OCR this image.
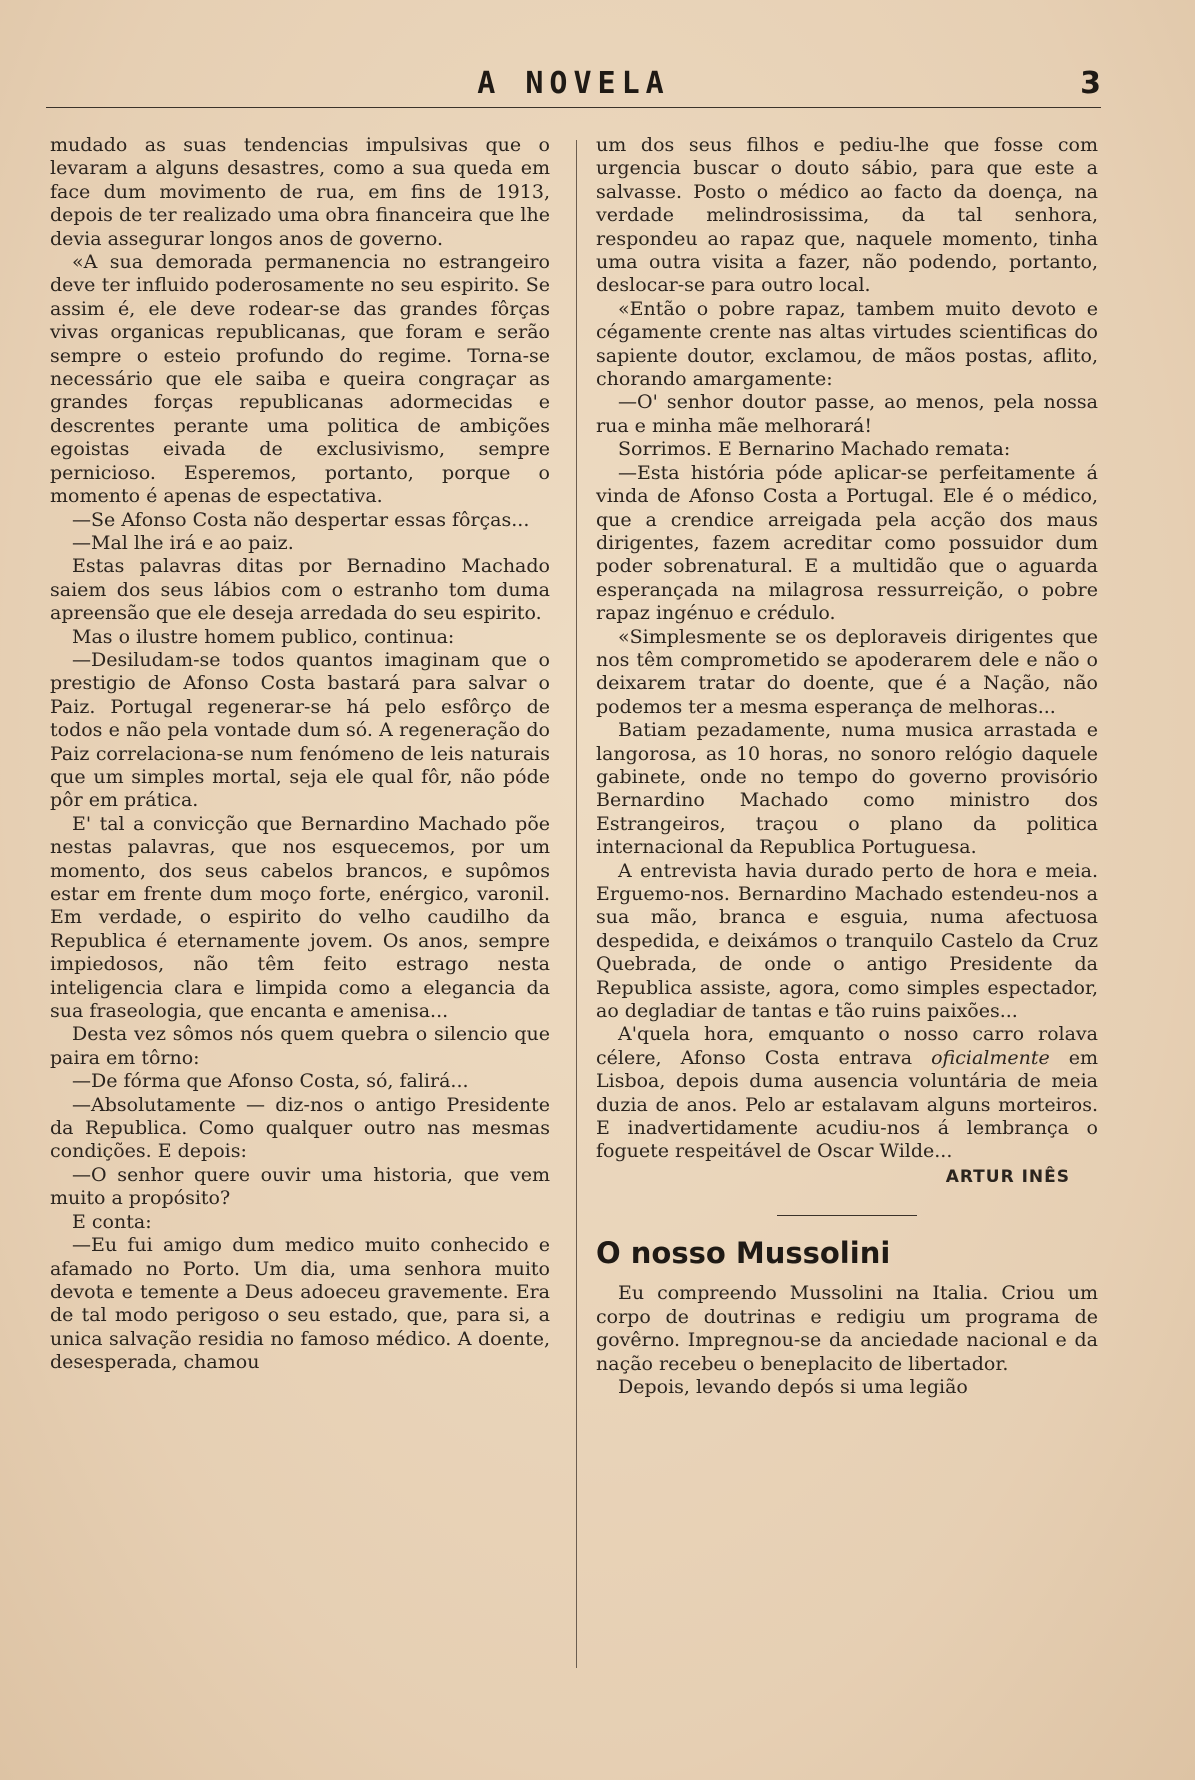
A NOVELA	3

mudado as suas tendencias impulsivas que o levaram a alguns desastres, como a sua queda em face dum movimento de rua, em fins de 1913, depois de ter realizado uma obra financeira que lhe devia assegurar longos anos de governo.

«A sua demorada permanencia no estrangeiro deve ter influido poderosamente no seu espirito. Se assim é, ele deve rodear-se das grandes fôrças vivas organicas republicanas, que foram e serão sempre o esteio profundo do regime. Torna-se necessário que ele saiba e queira congraçar as grandes forças republicanas adormecidas e descrentes perante uma politica de ambições egoistas eivada de exclusivismo, sempre pernicioso. Esperemos, portanto, porque o momento é apenas de espectativa.

—Se Afonso Costa não despertar essas fôrças...

—Mal lhe irá e ao paiz.

Estas palavras ditas por Bernadino Machado saiem dos seus lábios com o estranho tom duma apreensão que ele deseja arredada do seu espirito.

Mas o ilustre homem publico, continua:

—Desiludam-se todos quantos imaginam que o prestigio de Afonso Costa bastará para salvar o Paiz. Portugal regenerar-se há pelo esfôrço de todos e não pela vontade dum só. A regeneração do Paiz correlaciona-se num fenómeno de leis naturais que um simples mortal, seja ele qual fôr, não póde pôr em prática.

E' tal a convicção que Bernardino Machado põe nestas palavras, que nos esquecemos, por um momento, dos seus cabelos brancos, e supômos estar em frente dum moço forte, enérgico, varonil. Em verdade, o espirito do velho caudilho da Republica é eternamente jovem. Os anos, sempre impiedosos, não têm feito estrago nesta inteligencia clara e limpida como a elegancia da sua fraseologia, que encanta e amenisa...

Desta vez sômos nós quem quebra o silencio que paira em tôrno:

—De fórma que Afonso Costa, só, falirá...

—Absolutamente — diz-nos o antigo Presidente da Republica. Como qualquer outro nas mesmas condições. E depois:

—O senhor quere ouvir uma historia, que vem muito a propósito?

E conta:

—Eu fui amigo dum medico muito conhecido e afamado no Porto. Um dia, uma senhora muito devota e temente a Deus adoeceu gravemente. Era de tal modo perigoso o seu estado, que, para si, a unica salvação residia no famoso médico. A doente, desesperada, chamou

um dos seus filhos e pediu-lhe que fosse com urgencia buscar o douto sábio, para que este a salvasse. Posto o médico ao facto da doença, na verdade melindrosissima, da tal senhora, respondeu ao rapaz que, naquele momento, tinha uma outra visita a fazer, não podendo, portanto, deslocar-se para outro local.

«Então o pobre rapaz, tambem muito devoto e cégamente crente nas altas virtudes scientificas do sapiente doutor, exclamou, de mãos postas, aflito, chorando amargamente:

—O' senhor doutor passe, ao menos, pela nossa rua e minha mãe melhorará!

Sorrimos. E Bernarino Machado remata:

—Esta história póde aplicar-se perfeitamente á vinda de Afonso Costa a Portugal. Ele é o médico, que a crendice arreigada pela acção dos maus dirigentes, fazem acreditar como possuidor dum poder sobrenatural. E a multidão que o aguarda esperançada na milagrosa ressurreição, o pobre rapaz ingénuo e crédulo.

«Simplesmente se os deploraveis dirigentes que nos têm comprometido se apoderarem dele e não o deixarem tratar do doente, que é a Nação, não podemos ter a mesma esperança de melhoras...

Batiam pezadamente, numa musica arrastada e langorosa, as 10 horas, no sonoro relógio daquele gabinete, onde no tempo do governo provisório Bernardino Machado como ministro dos Estrangeiros, traçou o plano da politica internacional da Republica Portuguesa.

A entrevista havia durado perto de hora e meia. Erguemo-nos. Bernardino Machado estendeu-nos a sua mão, branca e esguia, numa afectuosa despedida, e deixámos o tranquilo Castelo da Cruz Quebrada, de onde o antigo Presidente da Republica assiste, agora, como simples espectador, ao degladiar de tantas e tão ruins paixões...

A'quela hora, emquanto o nosso carro rolava célere, Afonso Costa entrava oficialmente em Lisboa, depois duma ausencia voluntária de meia duzia de anos. Pelo ar estalavam alguns morteiros. E inadvertidamente acudiu-nos á lembrança o foguete respeitável de Oscar Wilde...

ARTUR INÊS
O nosso Mussolini

Eu compreendo Mussolini na Italia. Criou um corpo de doutrinas e redigiu um programa de govêrno. Impregnou-se da anciedade nacional e da nação recebeu o beneplacito de libertador.

Depois, levando depós si uma legião
